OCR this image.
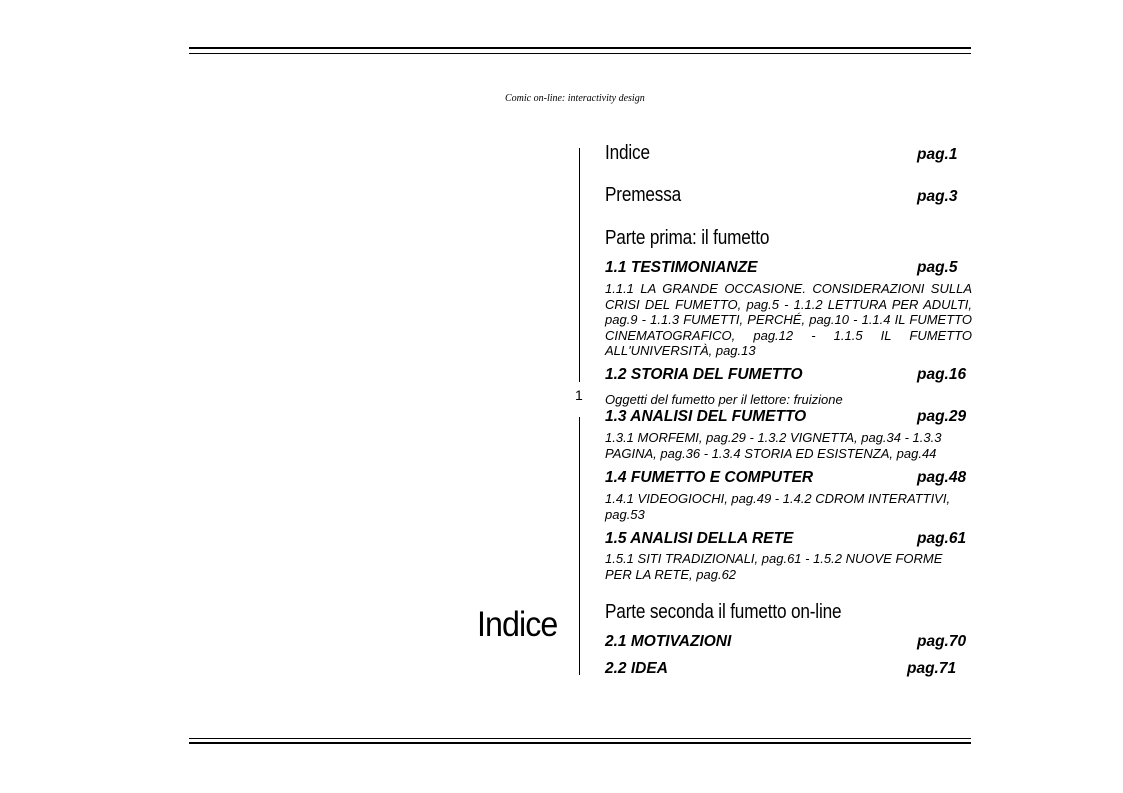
Comic on-line: interactivity design
1
Indice
Indice	pag.1
Premessa	pag.3
Parte prima: il fumetto
1.1 TESTIMONIANZE	pag.5
1.1.1 LA GRANDE OCCASIONE. CONSIDERAZIONI SULLA CRISI DEL FUMETTO, pag.5 - 1.1.2 LETTURA PER ADULTI, pag.9 - 1.1.3 FUMETTI, PERCHÉ, pag.10 - 1.1.4 IL FUMETTO CINEMATOGRAFICO, pag.12 - 1.1.5 IL FUMETTO ALL'UNIVERSITÀ, pag.13
1.2 STORIA DEL FUMETTO	pag.16
Oggetti del fumetto per il lettore: fruizione
1.3 ANALISI DEL FUMETTO	pag.29
1.3.1 MORFEMI, pag.29 - 1.3.2 VIGNETTA, pag.34 - 1.3.3 PAGINA, pag.36 - 1.3.4 STORIA ED ESISTENZA, pag.44
1.4 FUMETTO E COMPUTER	pag.48
1.4.1 VIDEOGIOCHI, pag.49 - 1.4.2 CDROM INTERATTIVI, pag.53
1.5 ANALISI DELLA RETE	pag.61
1.5.1 SITI TRADIZIONALI, pag.61 - 1.5.2 NUOVE FORME PER LA RETE, pag.62
Parte seconda il fumetto on-line
2.1 MOTIVAZIONI	pag.70
2.2 IDEA	pag.71
